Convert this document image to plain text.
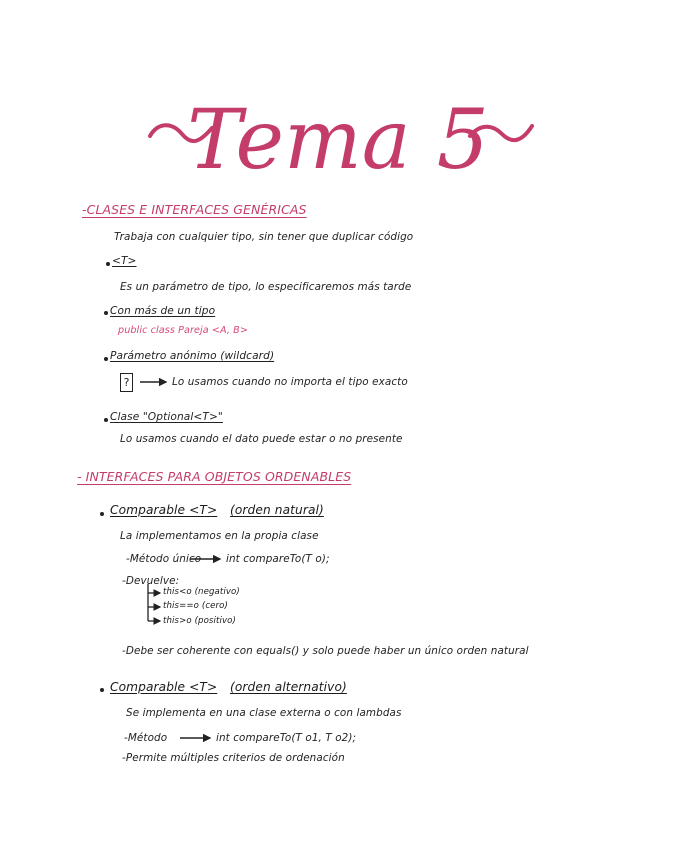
Tema 5
-CLASES E INTERFACES GENÉRICAS
Trabaja con cualquier tipo, sin tener que duplicar código
<T>
Es un parámetro de tipo, lo especificaremos más tarde
Con más de un tipo
public class Pareja <A, B>
Parámetro anónimo (wildcard)
?	Lo usamos cuando no importa el tipo exacto
Clase "Optional<T>"
Lo usamos cuando el dato puede estar o no presente
- INTERFACES PARA OBJETOS ORDENABLES
Comparable <T> (orden natural)
La implementamos en la propia clase
-Método único int compareTo(T o);
-Devuelve:
this<o (negativo)
this==o (cero)
this>o (positivo)
-Debe ser coherente con equals() y solo puede haber un único orden natural
Comparable <T> (orden alternativo)
Se implementa en una clase externa o con lambdas
-Método	int compareTo(T o1, T o2);
-Permite múltiples criterios de ordenación
